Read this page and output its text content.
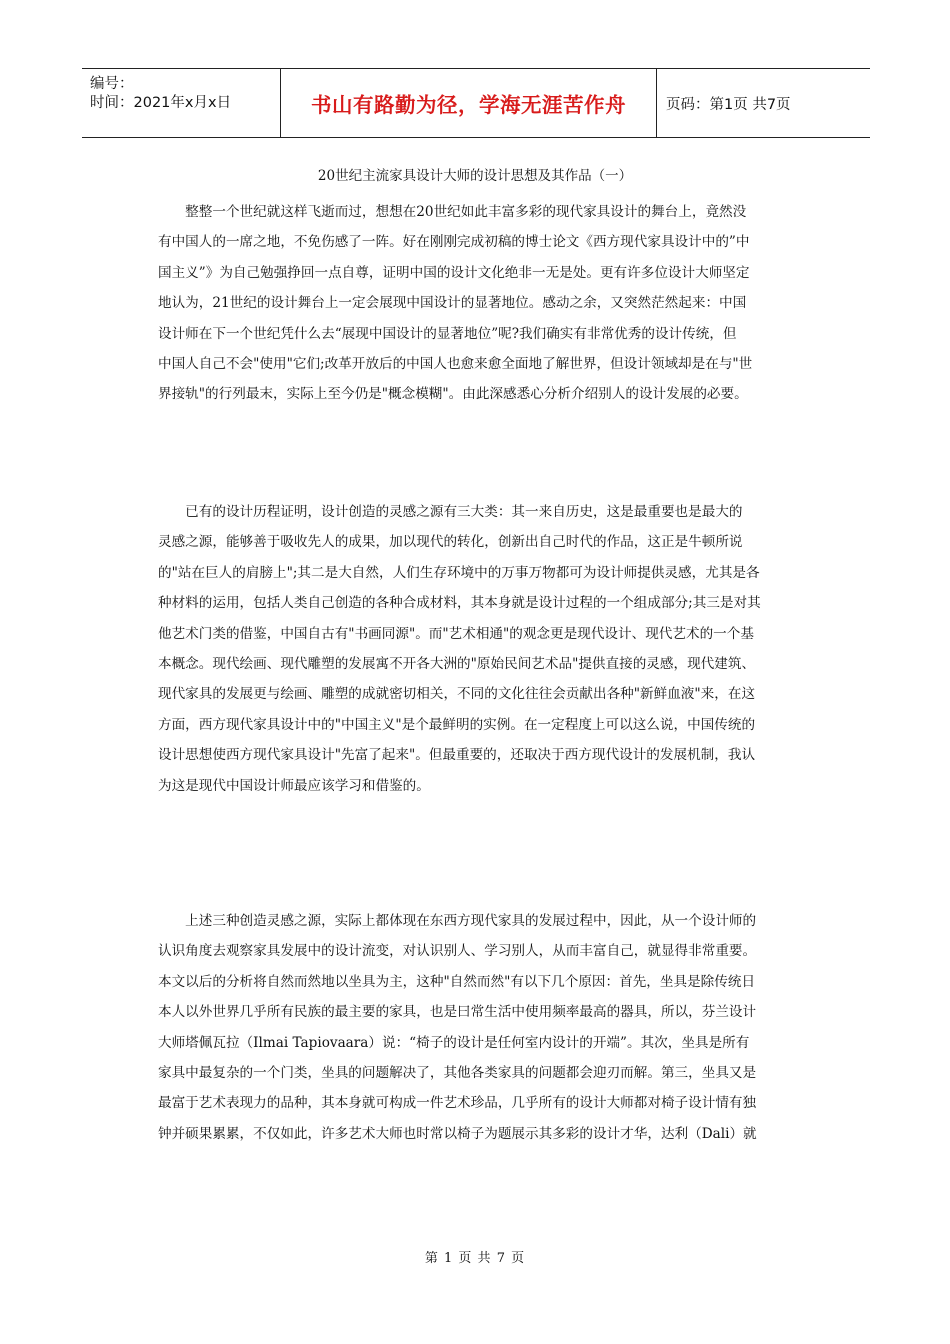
编号：
时间：2021年x月x日	书山有路勤为径，学海无涯苦作舟	页码：第1页 共7页
20世纪主流家具设计大师的设计思想及其作品（一）
　　整整一个世纪就这样飞逝而过，想想在20世纪如此丰富多彩的现代家具设计的舞台上，竟然没
有中国人的一席之地，不免伤感了一阵。好在刚刚完成初稿的博士论文《西方现代家具设计中的”中
国主义”》为自己勉强挣回一点自尊，证明中国的设计文化绝非一无是处。更有许多位设计大师坚定
地认为，21世纪的设计舞台上一定会展现中国设计的显著地位。感动之余，又突然茫然起来：中国
设计师在下一个世纪凭什么去“展现中国设计的显著地位”呢?我们确实有非常优秀的设计传统，但
中国人自己不会"使用"它们;改革开放后的中国人也愈来愈全面地了解世界，但设计领域却是在与"世
界接轨"的行列最末，实际上至今仍是"概念模糊"。由此深感悉心分析介绍别人的设计发展的必要。
　　已有的设计历程证明，设计创造的灵感之源有三大类：其一来自历史，这是最重要也是最大的
灵感之源，能够善于吸收先人的成果，加以现代的转化，创新出自己时代的作品，这正是牛顿所说
的"站在巨人的肩膀上";其二是大自然，人们生存环境中的万事万物都可为设计师提供灵感，尤其是各
种材料的运用，包括人类自己创造的各种合成材料，其本身就是设计过程的一个组成部分;其三是对其
他艺术门类的借鉴，中国自古有"书画同源"。而"艺术相通"的观念更是现代设计、现代艺术的一个基
本概念。现代绘画、现代雕塑的发展寓不开各大洲的"原始民间艺术品"提供直接的灵感，现代建筑、
现代家具的发展更与绘画、雕塑的成就密切相关，不同的文化往往会贡献出各种"新鲜血液"来，在这
方面，西方现代家具设计中的"中国主义"是个最鲜明的实例。在一定程度上可以这么说，中国传统的
设计思想使西方现代家具设计"先富了起来"。但最重要的，还取决于西方现代设计的发展机制，我认
为这是现代中国设计师最应该学习和借鉴的。
　　上述三种创造灵感之源，实际上都体现在东西方现代家具的发展过程中，因此，从一个设计师的
认识角度去观察家具发展中的设计流变，对认识别人、学习别人，从而丰富自己，就显得非常重要。
本文以后的分析将自然而然地以坐具为主，这种"自然而然"有以下几个原因：首先，坐具是除传统日
本人以外世界几乎所有民族的最主要的家具，也是曰常生活中使用频率最高的器具，所以，芬兰设计
大师塔佩瓦拉（Ilmai Tapiovaara）说：“椅子的设计是任何室内设计的开端”。其次，坐具是所有
家具中最复杂的一个门类，坐具的问题解决了，其他各类家具的问题都会迎刃而解。第三，坐具又是
最富于艺术表现力的品种，其本身就可构成一件艺术珍品，几乎所有的设计大师都对椅子设计情有独
钟并硕果累累，不仅如此，许多艺术大师也时常以椅子为题展示其多彩的设计才华，达利（Dali）就
第 1 页 共 7 页
